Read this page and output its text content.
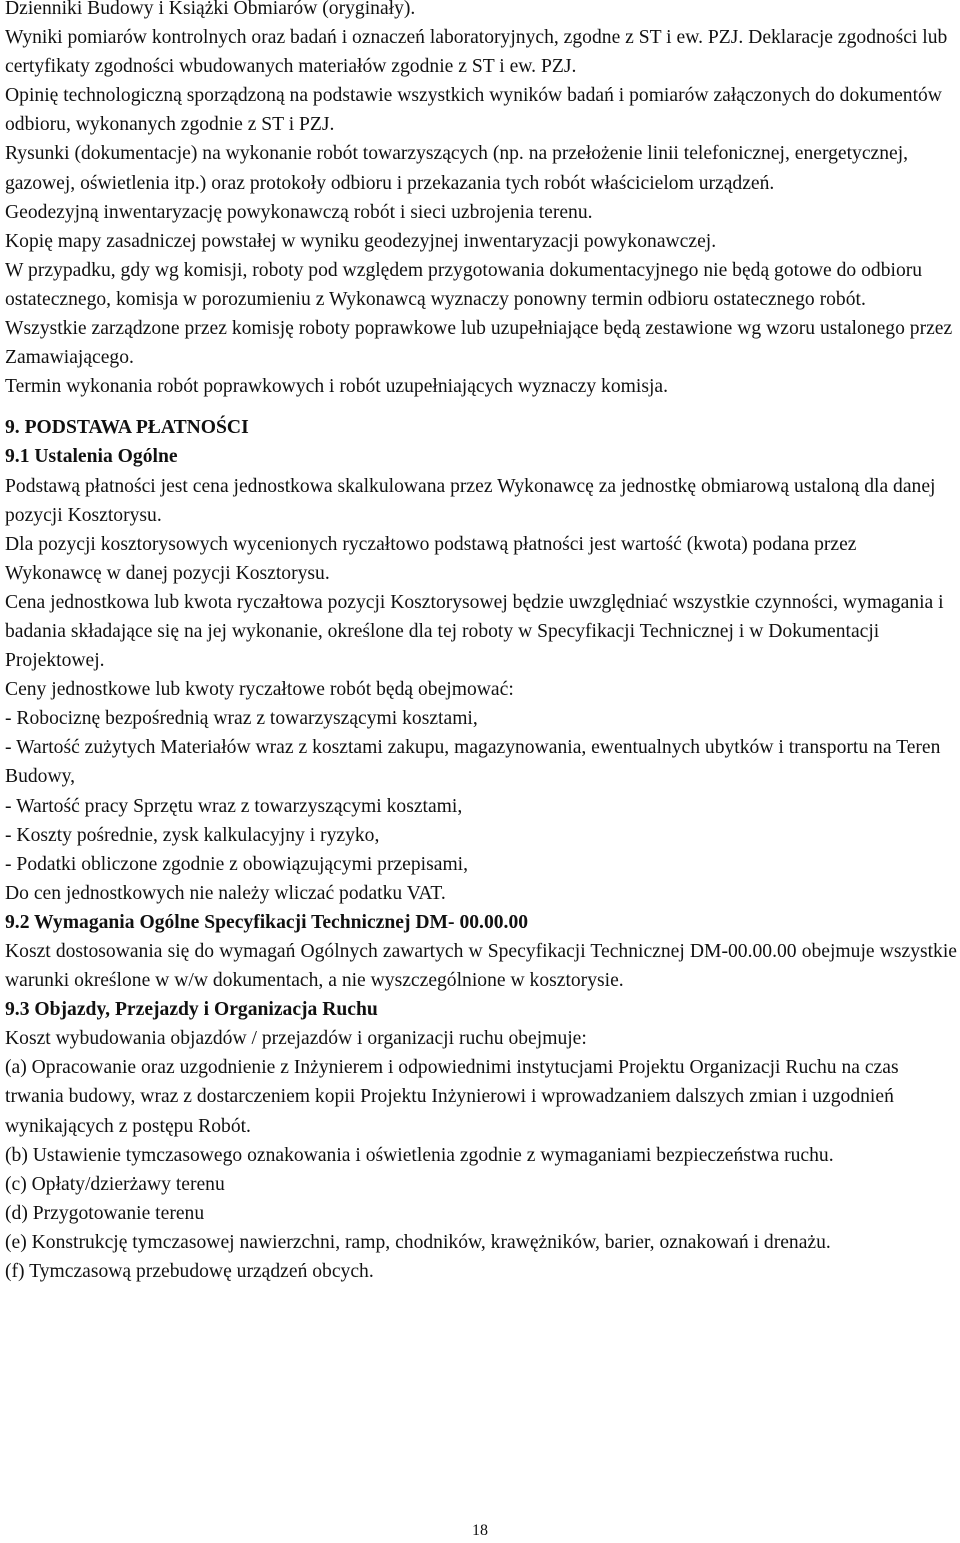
Dzienniki Budowy i Książki Obmiarów (oryginały).

Wyniki pomiarów kontrolnych oraz badań i oznaczeń laboratoryjnych, zgodne z ST i ew. PZJ. Deklaracje zgodności lub certyfikaty zgodności wbudowanych materiałów zgodnie z ST i ew. PZJ.

Opinię technologiczną sporządzoną na podstawie wszystkich wyników badań i pomiarów załączonych do dokumentów odbioru, wykonanych zgodnie z ST i PZJ.

Rysunki (dokumentacje) na wykonanie robót towarzyszących (np. na przełożenie linii telefonicznej, energetycznej, gazowej, oświetlenia itp.) oraz protokoły odbioru i przekazania tych robót właścicielom urządzeń.

Geodezyjną inwentaryzację powykonawczą robót i sieci uzbrojenia terenu.

Kopię mapy zasadniczej powstałej w wyniku geodezyjnej inwentaryzacji powykonawczej.

W przypadku, gdy wg komisji, roboty pod względem przygotowania dokumentacyjnego nie będą gotowe do odbioru ostatecznego, komisja w porozumieniu z Wykonawcą wyznaczy ponowny termin odbioru ostatecznego robót.

Wszystkie zarządzone przez komisję roboty poprawkowe lub uzupełniające będą zestawione wg wzoru ustalonego przez Zamawiającego.

Termin wykonania robót poprawkowych i robót uzupełniających wyznaczy komisja.

9. PODSTAWA PŁATNOŚCI

9.1 Ustalenia Ogólne

Podstawą płatności jest cena jednostkowa skalkulowana przez Wykonawcę za jednostkę obmiarową ustaloną dla danej pozycji Kosztorysu.

Dla pozycji kosztorysowych wycenionych ryczałtowo podstawą płatności jest wartość (kwota) podana przez Wykonawcę w danej pozycji Kosztorysu.

Cena jednostkowa lub kwota ryczałtowa pozycji Kosztorysowej będzie uwzględniać wszystkie czynności, wymagania i badania składające się na jej wykonanie, określone dla tej roboty w Specyfikacji Technicznej i w Dokumentacji Projektowej.

Ceny jednostkowe lub kwoty ryczałtowe robót będą obejmować:

- Robociznę bezpośrednią wraz z towarzyszącymi kosztami,

- Wartość zużytych Materiałów wraz z kosztami zakupu, magazynowania, ewentualnych ubytków i transportu na Teren Budowy,

- Wartość pracy Sprzętu wraz z towarzyszącymi kosztami,

- Koszty pośrednie, zysk kalkulacyjny i ryzyko,

- Podatki obliczone zgodnie z obowiązującymi przepisami,

Do cen jednostkowych nie należy wliczać podatku VAT.

9.2 Wymagania Ogólne Specyfikacji Technicznej DM- 00.00.00

Koszt dostosowania się do wymagań Ogólnych zawartych w Specyfikacji Technicznej DM-00.00.00 obejmuje wszystkie warunki określone w w/w dokumentach, a nie wyszczególnione w kosztorysie.

9.3 Objazdy, Przejazdy i Organizacja Ruchu

Koszt wybudowania objazdów / przejazdów i organizacji ruchu obejmuje:

(a) Opracowanie oraz uzgodnienie z Inżynierem i odpowiednimi instytucjami Projektu Organizacji Ruchu na czas trwania budowy, wraz z dostarczeniem kopii Projektu Inżynierowi i wprowadzaniem dalszych zmian i uzgodnień wynikających z postępu Robót.

(b) Ustawienie tymczasowego oznakowania i oświetlenia zgodnie z wymaganiami bezpieczeństwa ruchu.

(c) Opłaty/dzierżawy terenu

(d) Przygotowanie terenu

(e) Konstrukcję tymczasowej nawierzchni, ramp, chodników, krawężników, barier, oznakowań i drenażu.

(f) Tymczasową przebudowę urządzeń obcych.

18
